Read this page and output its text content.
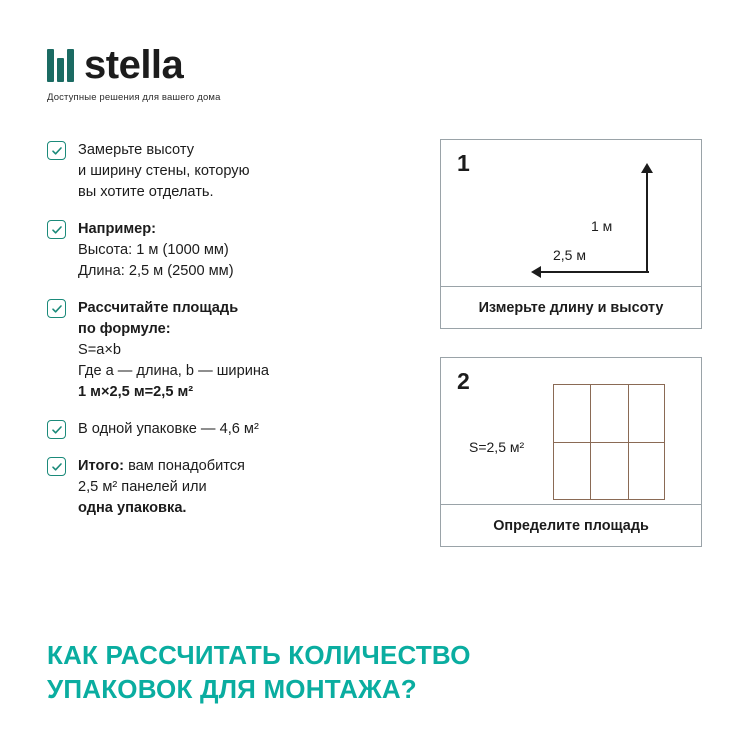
stella
Доступные решения для вашего дома
Замерьте высоту
и ширину стены, которую
вы хотите отделать.
Например:
Высота: 1 м (1000 мм)
Длина: 2,5 м (2500 мм)
Рассчитайте площадь
по формуле:
S=a×b
Где a — длина, b — ширина
1 м×2,5 м=2,5 м²
В одной упаковке — 4,6 м²
Итого: вам понадобится
2,5 м² панелей или
одна упаковка.
1
1 м
2,5 м
Измерьте длину и высоту
2
S=2,5 м²
Определите площадь
КАК РАССЧИТАТЬ КОЛИЧЕСТВО
УПАКОВОК ДЛЯ МОНТАЖА?
